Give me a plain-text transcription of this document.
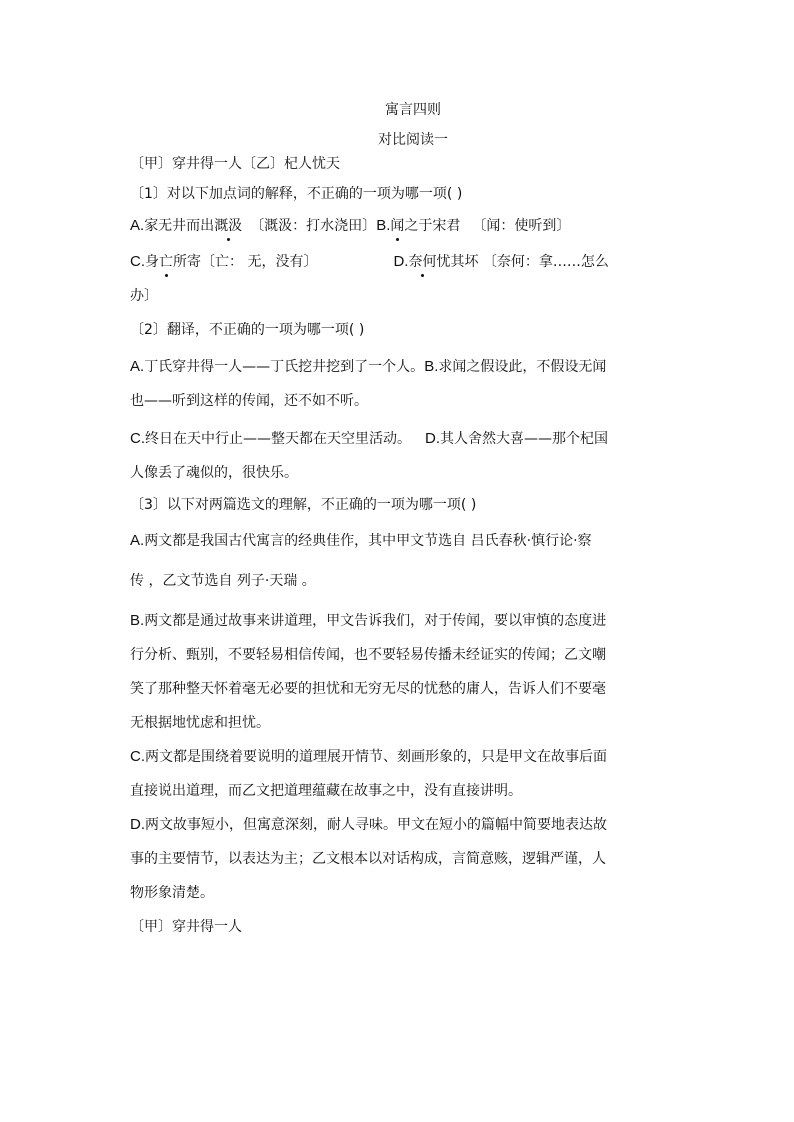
寓言四则
对比阅读一
〔甲〕穿井得一人〔乙〕杞人忧天
〔1〕对以下加点词的解释，不正确的一项为哪一项( )
A.家无井而出溉汲 〔溉汲：打水浇田〕B.闻之于宋君 〔闻：使听到〕
C.身亡所寄〔亡： 无，没有〕	D.奈何忧其坏 〔奈何：拿……怎么
办〕
〔2〕翻译，不正确的一项为哪一项( )
A.丁氏穿井得一人——丁氏挖井挖到了一个人。B.求闻之假设此，不假设无闻
也——听到这样的传闻，还不如不听。
C.终日在天中行止——整天都在天空里活动。 D.其人舍然大喜——那个杞国
人像丢了魂似的，很快乐。
〔3〕以下对两篇选文的理解，不正确的一项为哪一项( )
A.两文都是我国古代寓言的经典佳作，其中甲文节选自 吕氏春秋·慎行论·察
传 ，乙文节选自 列子·天瑞 。
B.两文都是通过故事来讲道理，甲文告诉我们，对于传闻，要以审慎的态度进
行分析、甄别，不要轻易相信传闻，也不要轻易传播未经证实的传闻；乙文嘲
笑了那种整天怀着毫无必要的担忧和无穷无尽的忧愁的庸人，告诉人们不要毫
无根据地忧虑和担忧。
C.两文都是围绕着要说明的道理展开情节、刻画形象的，只是甲文在故事后面
直接说出道理，而乙文把道理蕴藏在故事之中，没有直接讲明。
D.两文故事短小，但寓意深刻，耐人寻味。甲文在短小的篇幅中简要地表达故
事的主要情节，以表达为主；乙文根本以对话构成，言简意赅，逻辑严谨，人
物形象清楚。
〔甲〕穿井得一人
